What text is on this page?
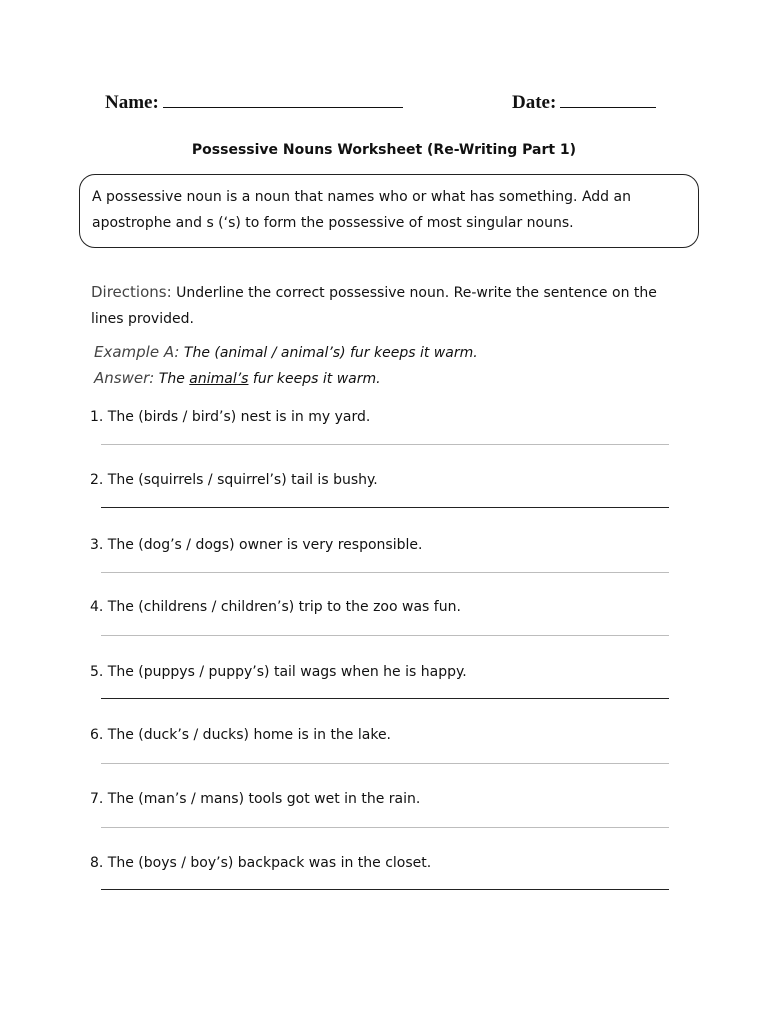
Name:	Date:
Possessive Nouns Worksheet (Re-Writing Part 1)
A possessive noun is a noun that names who or what has something. Add an
apostrophe and s (‘s) to form the possessive of most singular nouns.
Directions: Underline the correct possessive noun. Re-write the sentence on the lines provided.
Example A: The (animal / animal’s) fur keeps it warm.
Answer: The animal’s fur keeps it warm.
1. The (birds / bird’s) nest is in my yard.
2. The (squirrels / squirrel’s) tail is bushy.
3. The (dog’s / dogs) owner is very responsible.
4. The (childrens / children’s) trip to the zoo was fun.
5. The (puppys / puppy’s) tail wags when he is happy.
6. The (duck’s / ducks) home is in the lake.
7. The (man’s / mans) tools got wet in the rain.
8. The (boys / boy’s) backpack was in the closet.
